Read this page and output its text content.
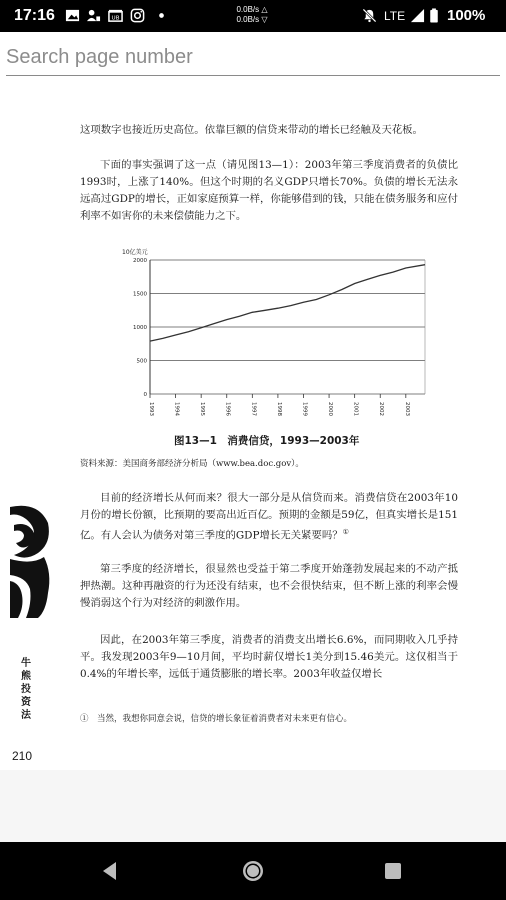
17:16	UB
0.0B/s △
0.0B/s ▽	LTE	100%
Search page number

这项数字也接近历史高位。依靠巨额的信贷来带动的增长已经触及天花板。

下面的事实强调了这一点（请见图13—1）：2003年第三季度消费者的负债比1993时，上涨了140%。但这个时期的名义GDP只增长70%。负债的增长无法永远高过GDP的增长，正如家庭预算一样，你能够借到的钱，只能在债务服务和应付利率不如害你的未来偿债能力之下。

10亿美元
0
500
1000
1500
2000
1993	1994	1995	1996	1997	1998	1999	2000	2001	2002	2003
图13—1　消费信贷，1993—2003年
资料来源：美国商务部经济分析局（www.bea.doc.gov）。

目前的经济增长从何而来？很大一部分是从信贷而来。消费信贷在2003年10月份的增长份额，比预期的要高出近百亿。预期的金额是59亿，但真实增长是151亿。有人会认为债务对第三季度的GDP增长无关紧要吗？①

第三季度的经济增长，很显然也受益于第二季度开始蓬勃发展起来的不动产抵押热潮。这种再融资的行为还没有结束，也不会很快结束，但不断上涨的利率会慢慢消弱这个行为对经济的刺激作用。

因此，在2003年第三季度，消费者的消费支出增长6.6%，而同期收入几乎持平。我发现2003年9—10月间，平均时薪仅增长1美分到15.46美元。这仅相当于0.4%的年增长率，远低于通货膨胀的增长率。2003年收益仅增长

①　当然，我想你同意会说，信贷的增长象征着消费者对未来更有信心。
牛熊投资法
210
